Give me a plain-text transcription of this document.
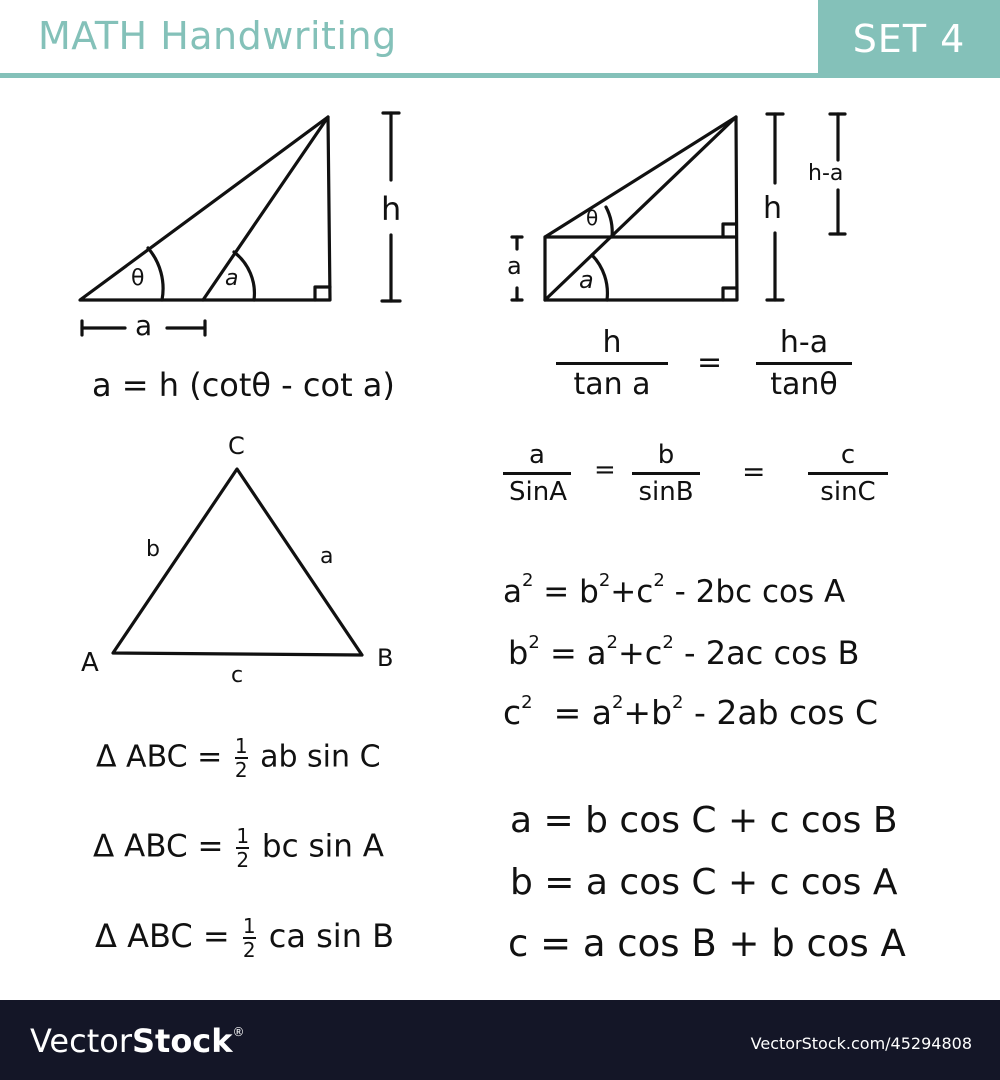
MATH Handwriting	SET 4
θ	a
h
a
a = h (cotθ - cot a)
θ
a
a
h
h-a
$\frac{h}{\text{tan a}} = \frac{h-a}{\tan\theta}$
C
A	B
b	a
c
a
SinA
= $\frac{b}{\sin B} = \frac{c}{\sin C}$
$a^2 = b^2+c^2 - 2bc$ cos A
$b^2 = a^2+c^2 - 2ac$ cos B
$c^2 = a^2+b^2 - 2ab$ cos C
Δ ABC = $\frac{1}{2}$ ab sin C
Δ ABC = $\frac{1}{2}$ bc sin A
Δ ABC = $\frac{1}{2}$ ca sin B
a = b cos C + c cos B
b = a cos C + c cos A
c = a cos B + b cos A
VectorStock®
VectorStock.com/45294808
